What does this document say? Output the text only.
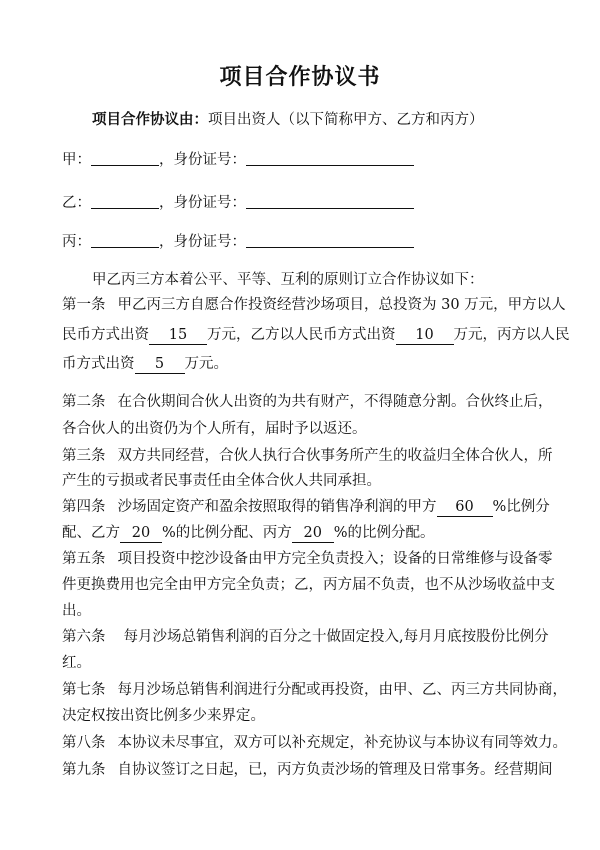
项目合作协议书
项目合作协议由：项目出资人（以下简称甲方、乙方和丙方）
甲：	，身份证号：
乙：	，身份证号：
丙：	，身份证号：
甲乙丙三方本着公平、平等、互利的原则订立合作协议如下：
第一条 甲乙丙三方自愿合作投资经营沙场项目，总投资为 30 万元，甲方以人
民币方式出资 15 万元，乙方以人民币方式出资 10 万元，丙方以人民
币方式出资 5 万元。
第二条 在合伙期间合伙人出资的为共有财产，不得随意分割。合伙终止后，
各合伙人的出资仍为个人所有，届时予以返还。
第三条 双方共同经营，合伙人执行合伙事务所产生的收益归全体合伙人，所
产生的亏损或者民事责任由全体合伙人共同承担。
第四条 沙场固定资产和盈余按照取得的销售净利润的甲方 60 %比例分
配、乙方 20 %的比例分配、丙方 20 %的比例分配。
第五条 项目投资中挖沙设备由甲方完全负责投入；设备的日常维修与设备零
件更换费用也完全由甲方完全负责；乙，丙方届不负责，也不从沙场收益中支
出。
第六条 每月沙场总销售利润的百分之十做固定投入,每月月底按股份比例分
红。
第七条 每月沙场总销售利润进行分配或再投资，由甲、乙、丙三方共同协商，
决定权按出资比例多少来界定。
第八条 本协议未尽事宜，双方可以补充规定，补充协议与本协议有同等效力。
第九条 自协议签订之日起，已，丙方负责沙场的管理及日常事务。经营期间
